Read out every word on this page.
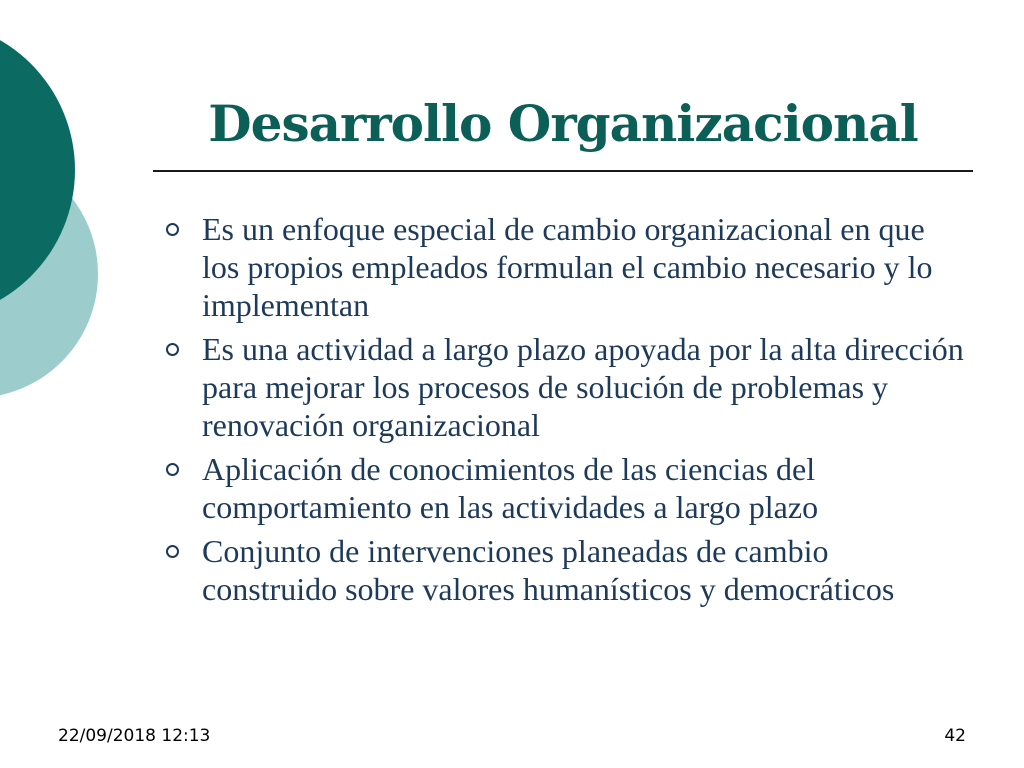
Desarrollo Organizacional
Es un enfoque especial de cambio organizacional en que los propios empleados formulan el cambio necesario y lo implementan
Es una actividad a largo plazo apoyada por la alta dirección para mejorar los procesos de solución de problemas y renovación organizacional
Aplicación de conocimientos de las ciencias del comportamiento en las actividades a largo plazo
Conjunto de intervenciones planeadas de cambio construido sobre valores humanísticos y democráticos
22/09/2018 12:13	42
